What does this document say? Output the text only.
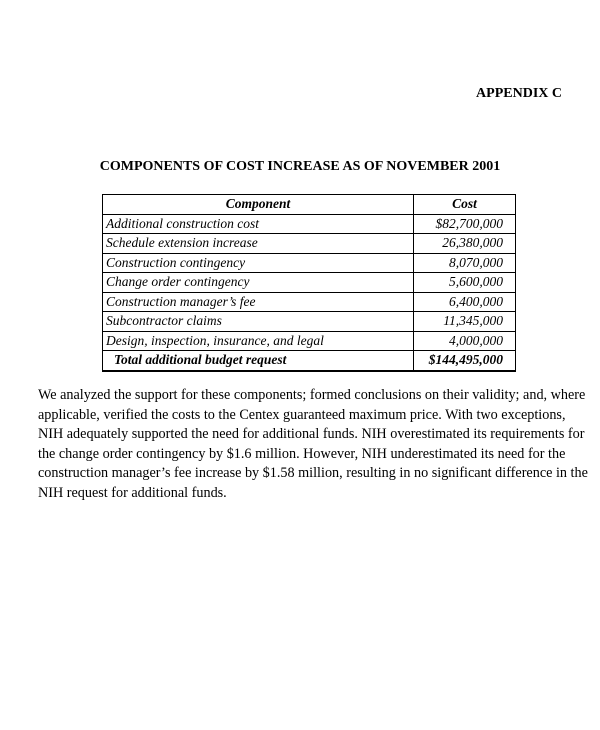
APPENDIX C
COMPONENTS OF COST INCREASE AS OF NOVEMBER 2001
Component	Cost
Additional construction cost	$82,700,000
Schedule extension increase	26,380,000
Construction contingency	8,070,000
Change order contingency	5,600,000
Construction manager’s fee	6,400,000
Subcontractor claims	11,345,000
Design, inspection, insurance, and legal	4,000,000
Total additional budget request	$144,495,000
We analyzed the support for these components; formed conclusions on their validity; and, where
applicable, verified the costs to the Centex guaranteed maximum price. With two exceptions,
NIH adequately supported the need for additional funds. NIH overestimated its requirements for
the change order contingency by $1.6 million. However, NIH underestimated its need for the
construction manager’s fee increase by $1.58 million, resulting in no significant difference in the
NIH request for additional funds.
